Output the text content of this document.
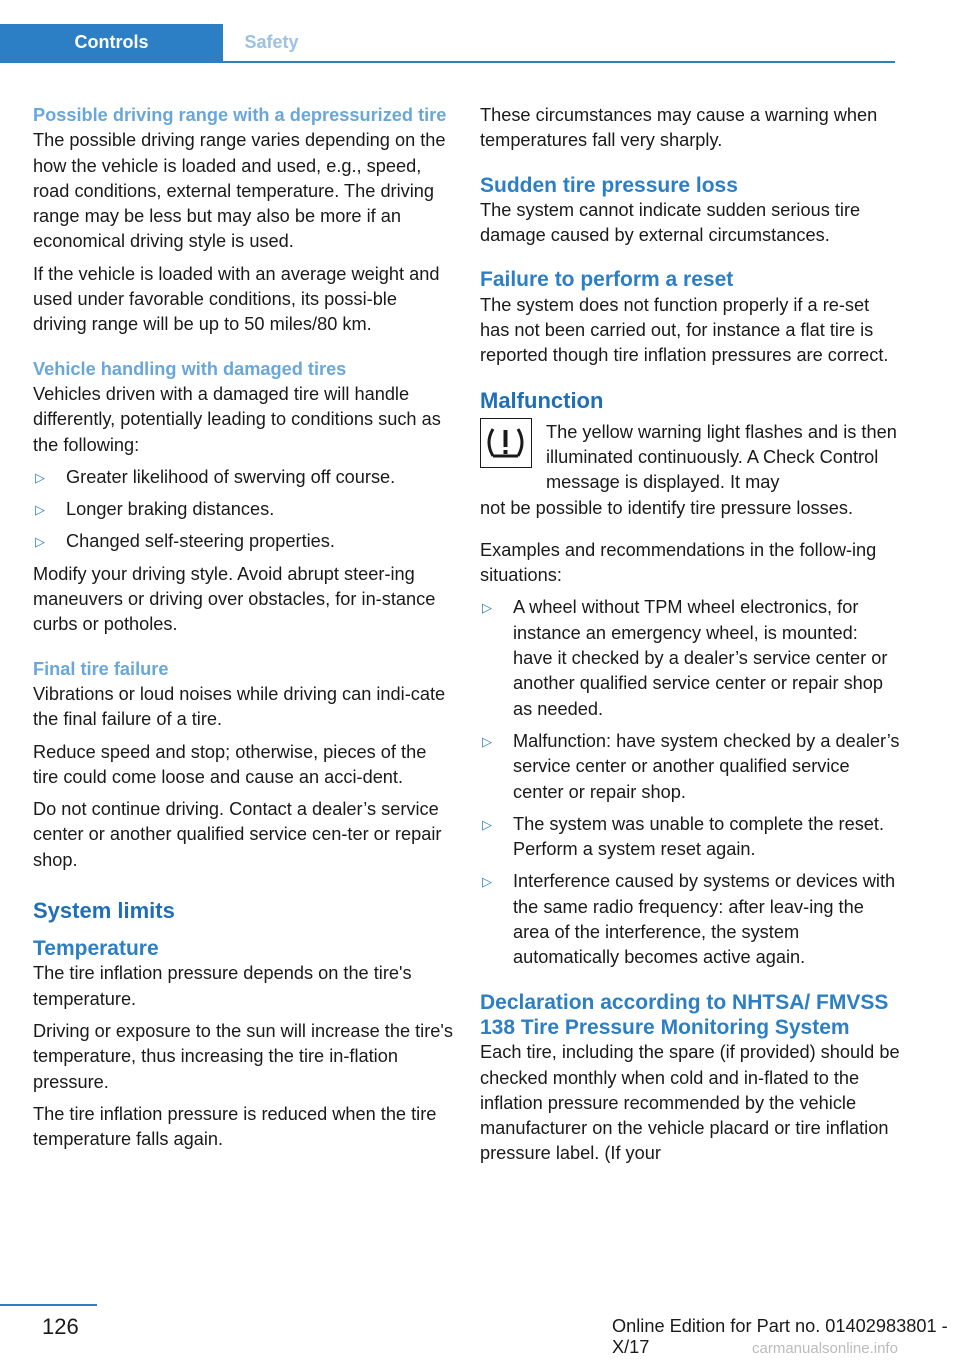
Controls	Safety
Possible driving range with a depressurized tire

The possible driving range varies depending on the how the vehicle is loaded and used, e.g., speed, road conditions, external temperature. The driving range may be less but may also be more if an economical driving style is used.

If the vehicle is loaded with an average weight and used under favorable conditions, its possi‐ble driving range will be up to 50 miles/80 km.

Vehicle handling with damaged tires

Vehicles driven with a damaged tire will handle differently, potentially leading to conditions such as the following:

▷ Greater likelihood of swerving off course.
▷ Longer braking distances.
▷ Changed self-steering properties.

Modify your driving style. Avoid abrupt steer‐ing maneuvers or driving over obstacles, for in‐stance curbs or potholes.

Final tire failure

Vibrations or loud noises while driving can indi‐cate the final failure of a tire.

Reduce speed and stop; otherwise, pieces of the tire could come loose and cause an acci‐dent.

Do not continue driving. Contact a dealer’s service center or another qualified service cen‐ter or repair shop.

System limits
Temperature

The tire inflation pressure depends on the tire's temperature.

Driving or exposure to the sun will increase the tire's temperature, thus increasing the tire in‐flation pressure.

The tire inflation pressure is reduced when the tire temperature falls again.

These circumstances may cause a warning when temperatures fall very sharply.

Sudden tire pressure loss

The system cannot indicate sudden serious tire damage caused by external circumstances.

Failure to perform a reset

The system does not function properly if a re‐set has not been carried out, for instance a flat tire is reported though tire inflation pressures are correct.

Malfunction

The yellow warning light flashes and is then illuminated continuously. A Check Control message is displayed. It may

not be possible to identify tire pressure losses.

Examples and recommendations in the follow‐ing situations:

▷ A wheel without TPM wheel electronics, for instance an emergency wheel, is mounted: have it checked by a dealer’s service center or another qualified service center or repair shop as needed.
▷ Malfunction: have system checked by a dealer’s service center or another qualified service center or repair shop.
▷ The system was unable to complete the reset. Perform a system reset again.
▷ Interference caused by systems or devices with the same radio frequency: after leav‐ing the area of the interference, the system automatically becomes active again.
Declaration according to NHTSA/ FMVSS 138 Tire Pressure Monitoring System

Each tire, including the spare (if provided) should be checked monthly when cold and in‐flated to the inflation pressure recommended by the vehicle manufacturer on the vehicle placard or tire inflation pressure label. (If your

126	Online Edition for Part no. 01402983801 - X/17	carmanualsonline.info
